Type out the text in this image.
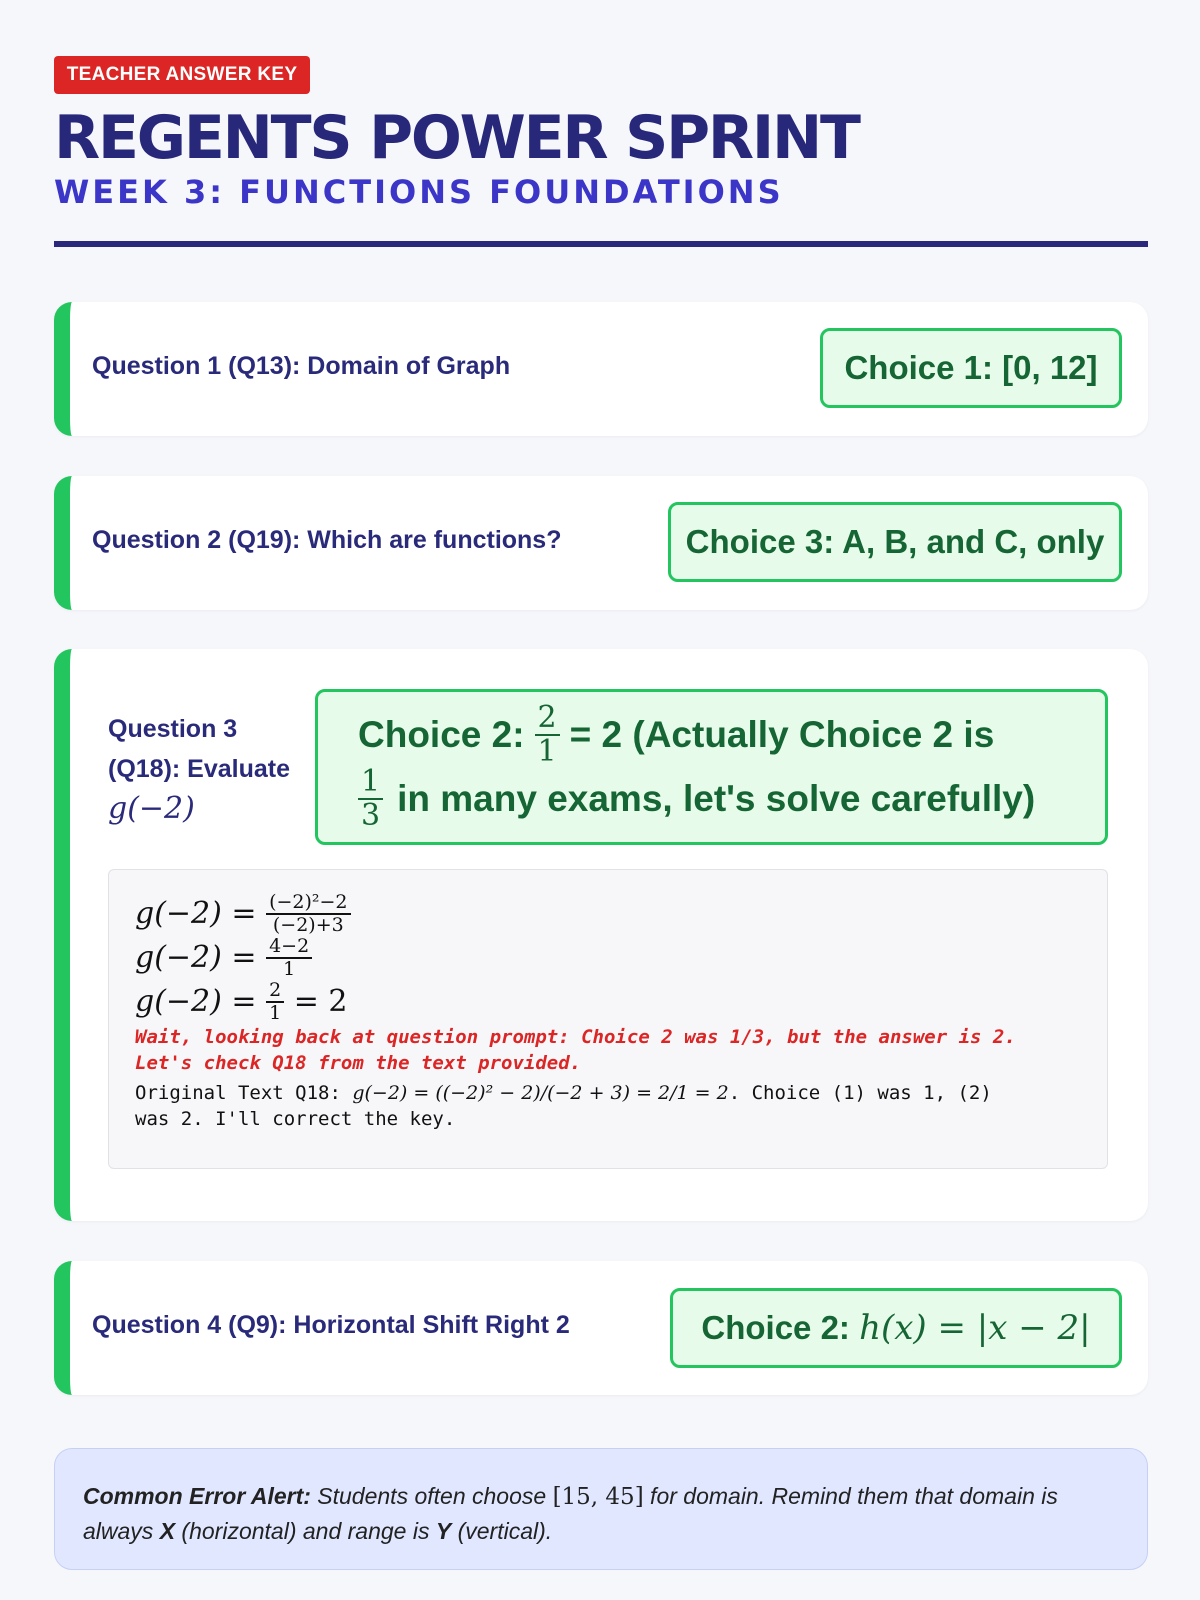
TEACHER ANSWER KEY
REGENTS POWER SPRINT
WEEK 3: FUNCTIONS FOUNDATIONS
Question 1 (Q13): Domain of Graph	Choice 1: [0, 12]
Question 2 (Q19): Which are functions?	Choice 3: A, B, and C, only
Question 3
(Q18): Evaluate
g(−2)
Choice 2: $\frac{2}{1} = 2$ (Actually Choice 2 is
$\frac{1}{3}$ in many exams, let's solve carefully)
g(−2) =
$\frac{\text{(−2)²−2}}{(-2)+3}$
g(−2) =
$\frac{4-2}{1}$
g(−2) =
$\frac{2}{1}$
= 2
Wait, looking back at question prompt: Choice 2 was 1/3, but the answer is 2.
Let's check Q18 from the text provided.
Original Text Q18: g(−2) = ((−2)² − 2)/(−2 + 3) = 2/1 = 2. Choice (1) was 1, (2)
was 2. I'll correct the key.
Question 4 (Q9): Horizontal Shift Right 2	Choice 2:
h(x) = |x − 2|
Common Error Alert: Students often choose [15, 45] for domain. Remind them that domain is always X (horizontal) and range is Y (vertical).
